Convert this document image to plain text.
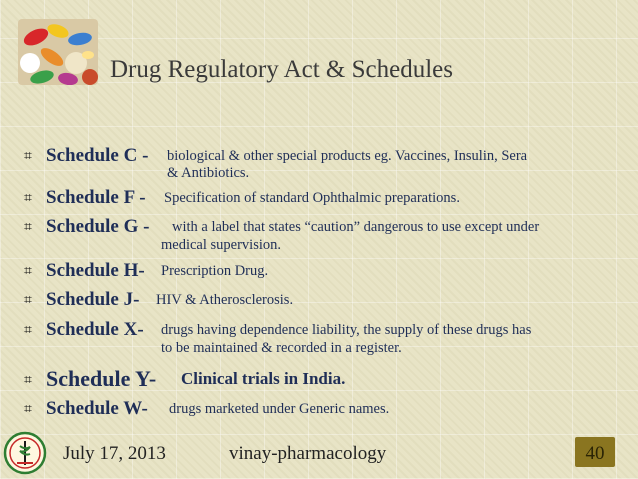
Drug Regulatory Act & Schedules
⌗ Schedule C - biological & other special products eg. Vaccines, Insulin, Sera
& Antibiotics.
⌗ Schedule F - Specification of standard Ophthalmic preparations.
⌗ Schedule G - with a label that states “caution” dangerous to use except under
medical supervision.
⌗ Schedule H- Prescription Drug.
⌗ Schedule J- HIV & Atherosclerosis.
⌗ Schedule X- drugs having dependence liability, the supply of these drugs has
to be maintained & recorded in a register.
⌗ Schedule Y- Clinical trials in India.
⌗ Schedule W- drugs marketed under Generic names.
July 17, 2013	vinay-pharmacology	40
